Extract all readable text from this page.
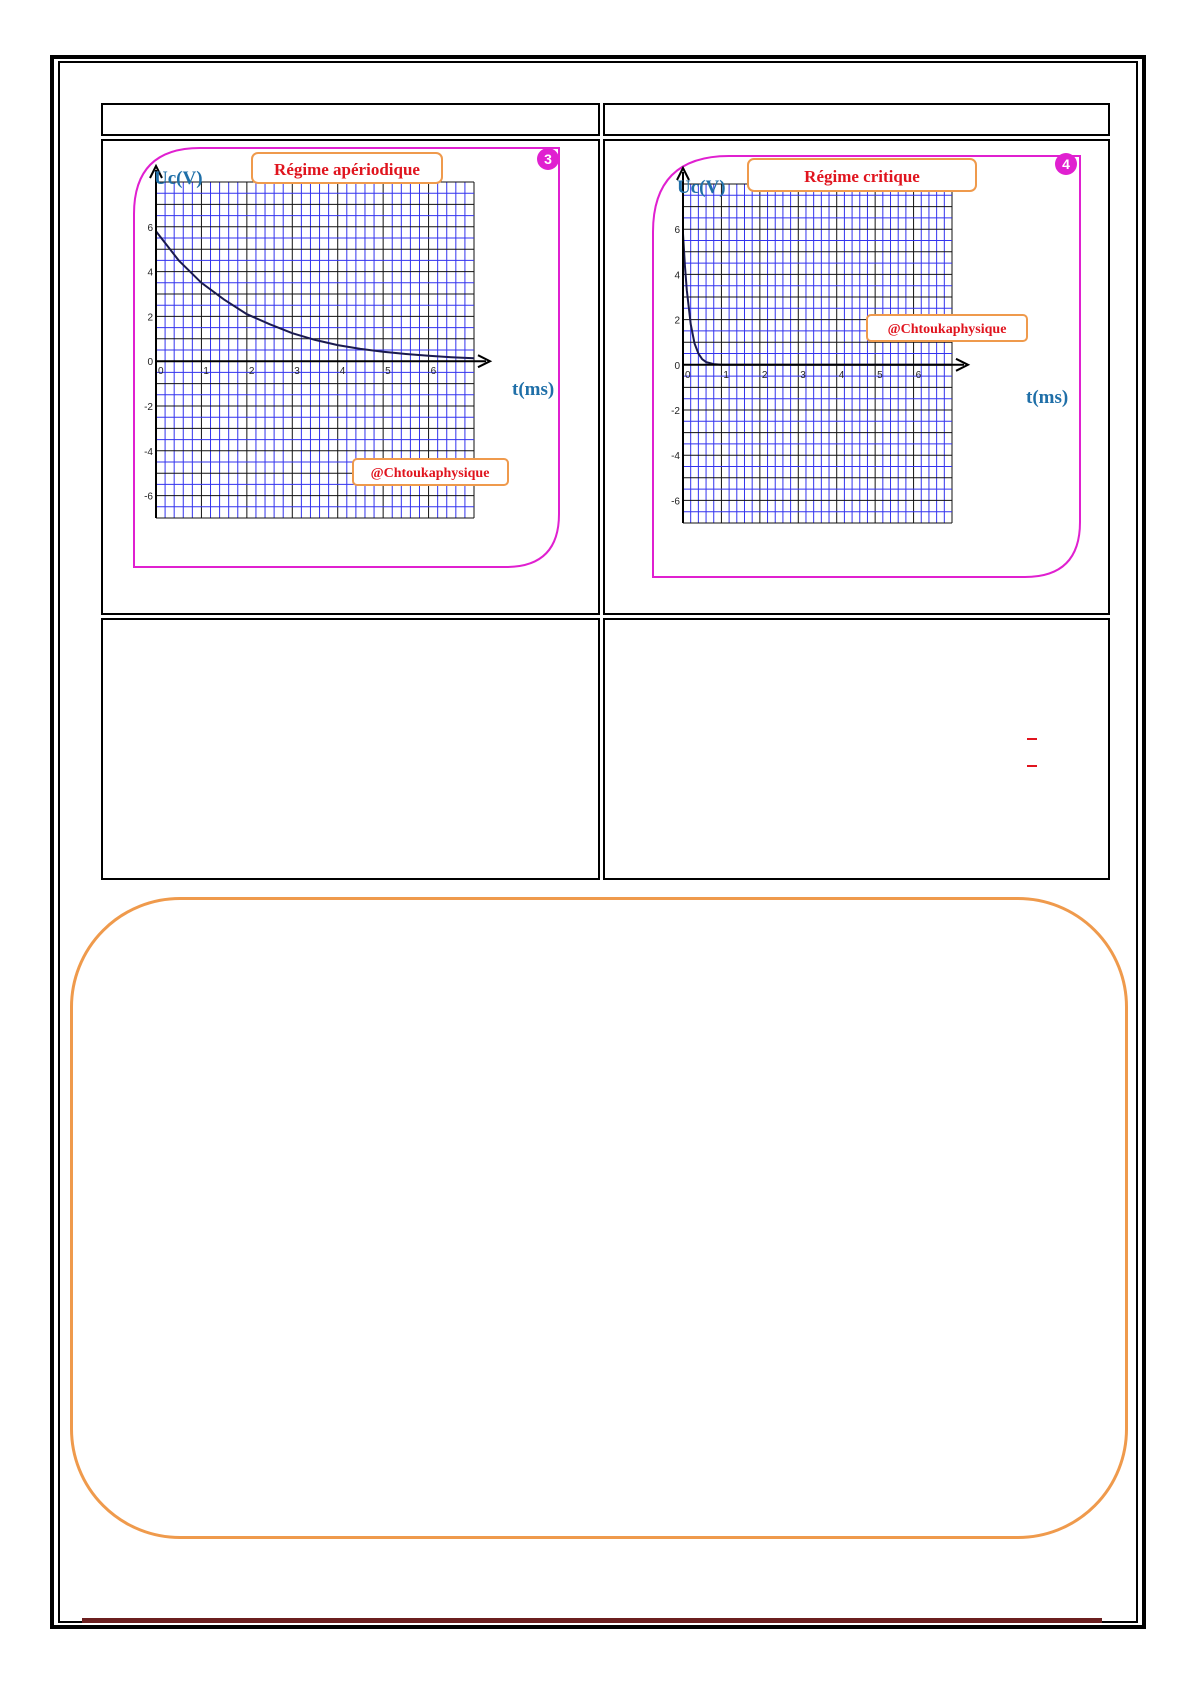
0	1	2	3	4	5	6
6
4
2
0
-2
-4
-6
Régime apériodique
3
Uc(V)
t(ms)
@Chtoukaphysique
0	1	2	3	4	5	6
6
4
2
0
-2
-4
-6
Régime critique
4
Uc(V)
t(ms)
@Chtoukaphysique
